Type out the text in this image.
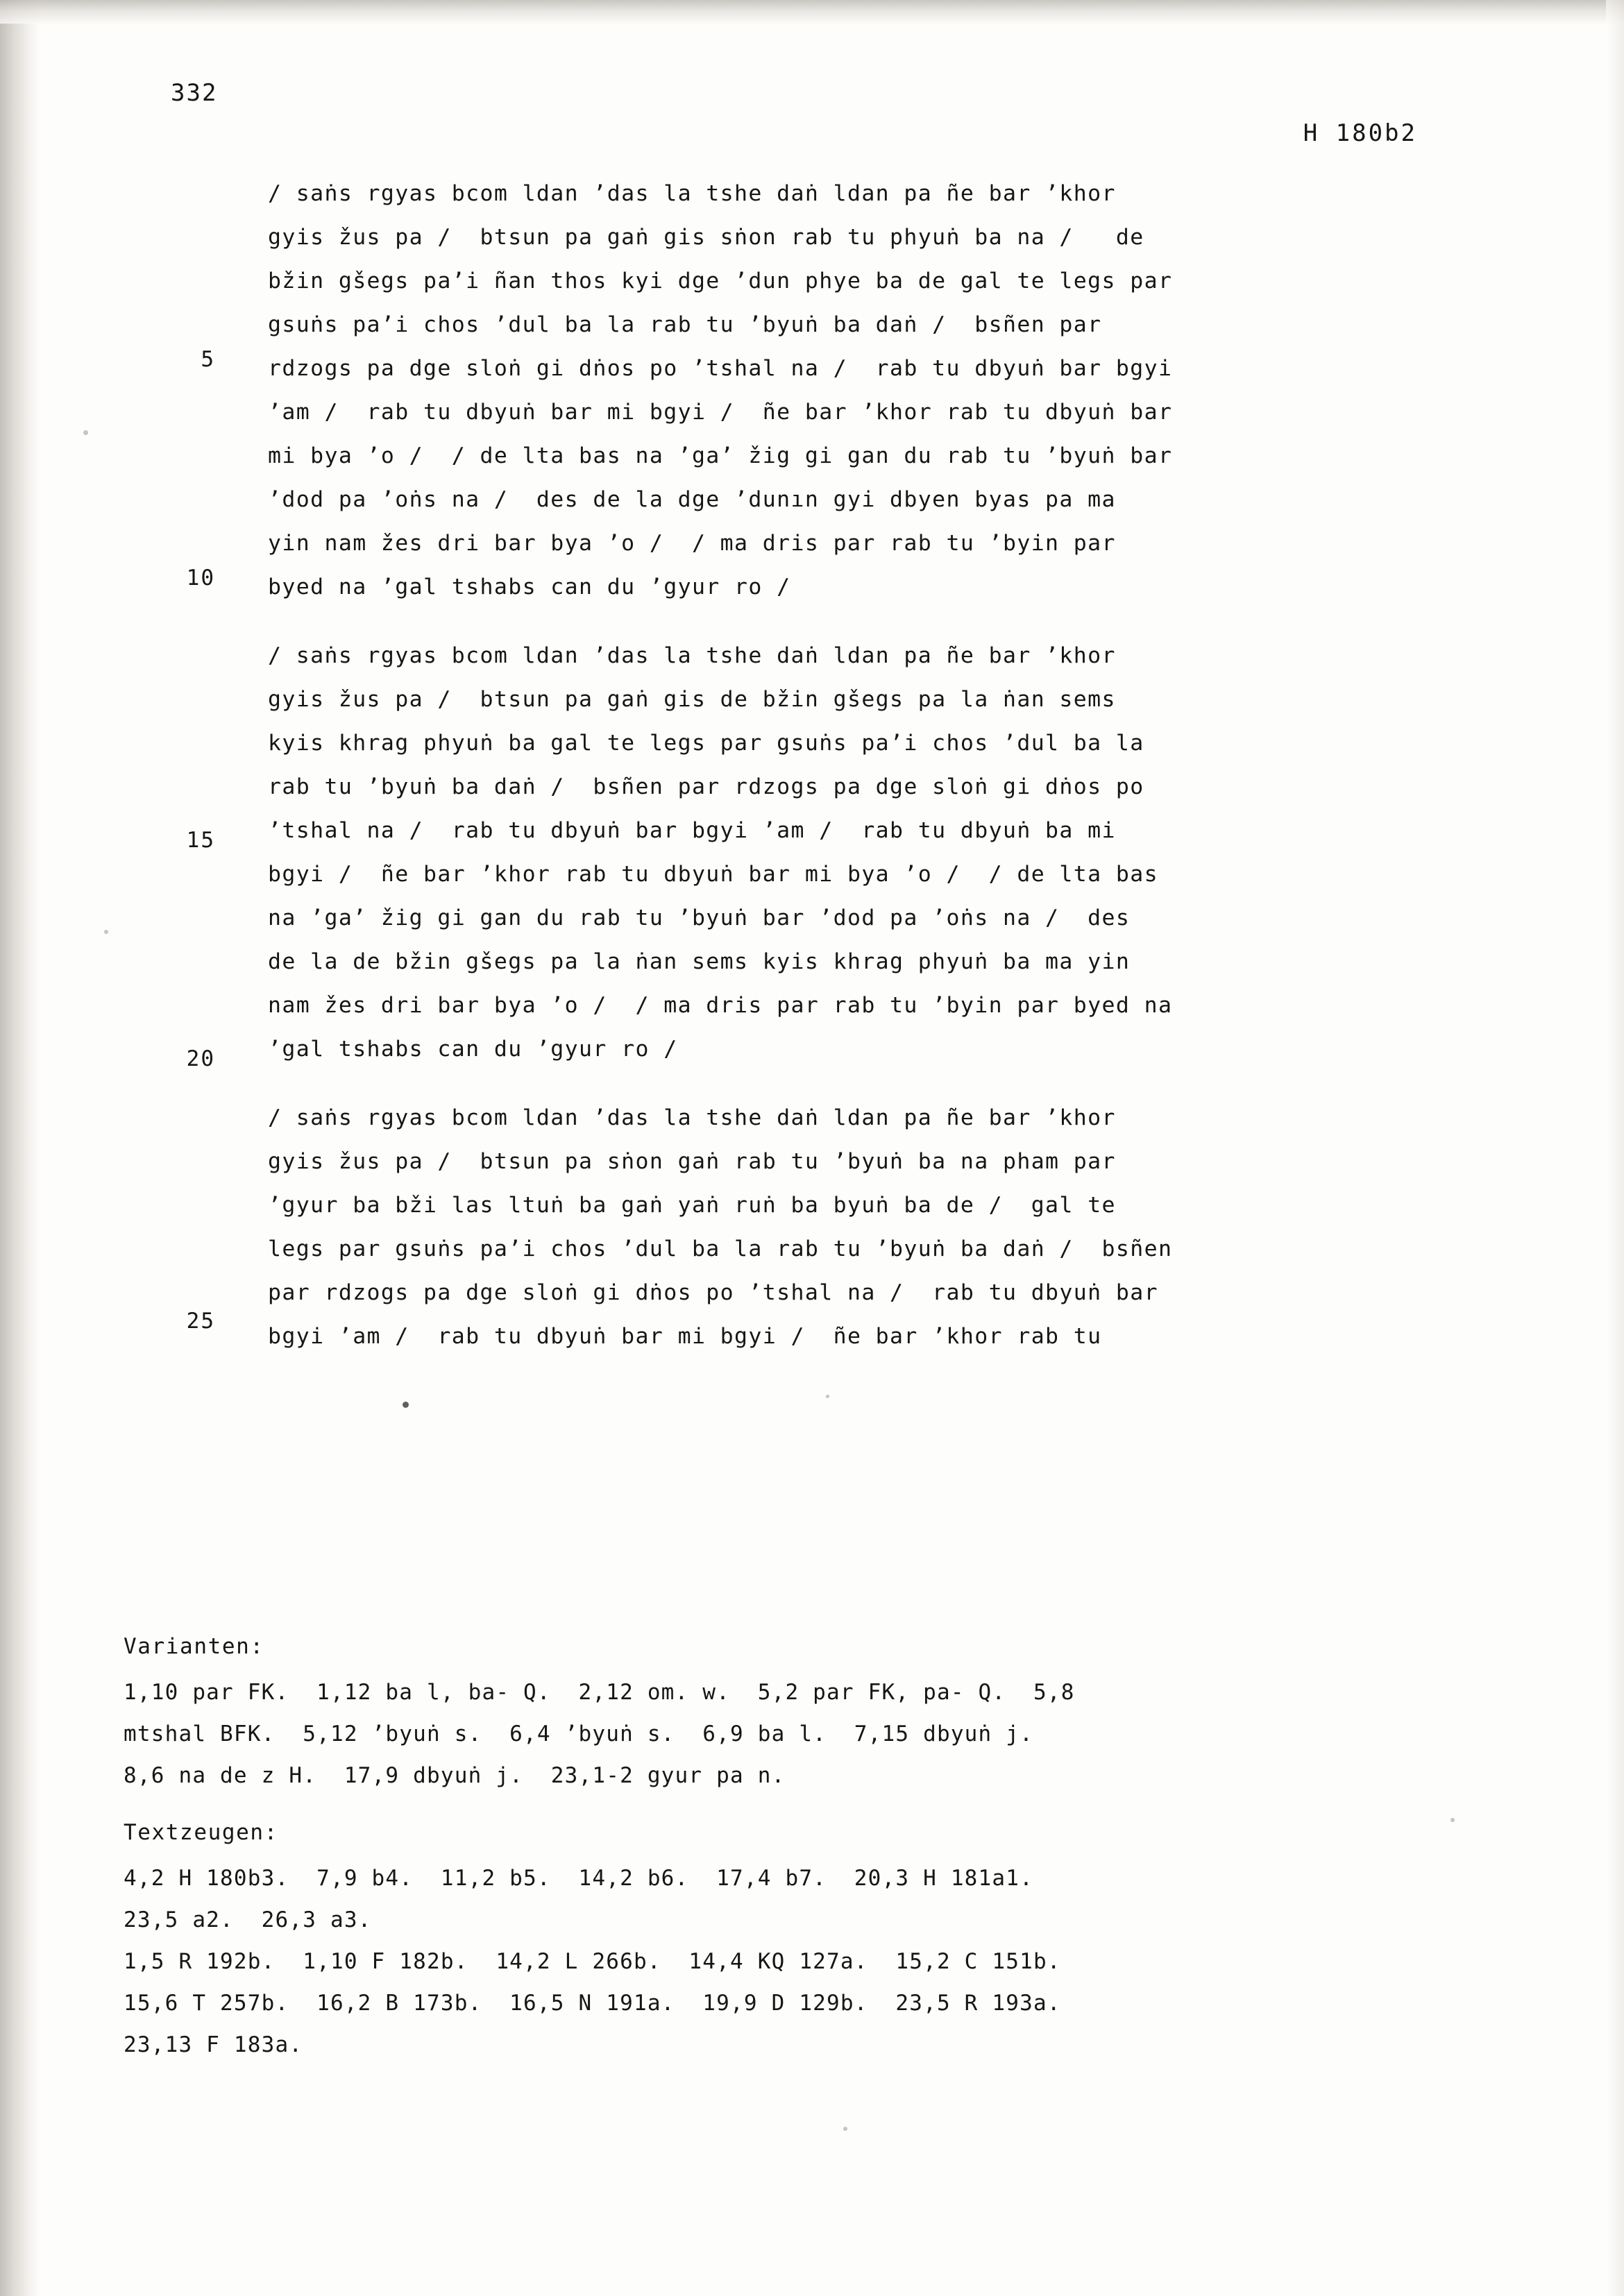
332
H 180b2
5
10
15
20
25
/ saṅs rgyas bcom ldan ’das la tshe daṅ ldan pa ñe bar ’khor
gyis žus pa /  btsun pa gaṅ gis sṅon rab tu phyuṅ ba na /   de
bžin gšegs pa’i ñan thos kyi dge ’dun phye ba de gal te legs par
gsuṅs pa’i chos ’dul ba la rab tu ’byuṅ ba daṅ /  bsñen par
rdzogs pa dge sloṅ gi dṅos po ’tshal na /  rab tu dbyuṅ bar bgyi
’am /  rab tu dbyuṅ bar mi bgyi /  ñe bar ’khor rab tu dbyuṅ bar
mi bya ’o /  / de lta bas na ’ga’ žig gi gan du rab tu ’byuṅ bar
’dod pa ’oṅs na /  des de la dge ’dunın gyi dbyen byas pa ma
yin nam žes dri bar bya ’o /  / ma dris par rab tu ’byin par
byed na ’gal tshabs can du ’gyur ro /
/ saṅs rgyas bcom ldan ’das la tshe daṅ ldan pa ñe bar ’khor
gyis žus pa /  btsun pa gaṅ gis de bžin gšegs pa la ṅan sems
kyis khrag phyuṅ ba gal te legs par gsuṅs pa’i chos ’dul ba la
rab tu ’byuṅ ba daṅ /  bsñen par rdzogs pa dge sloṅ gi dṅos po
’tshal na /  rab tu dbyuṅ bar bgyi ’am /  rab tu dbyuṅ ba mi
bgyi /  ñe bar ’khor rab tu dbyuṅ bar mi bya ’o /  / de lta bas
na ’ga’ žig gi gan du rab tu ’byuṅ bar ’dod pa ’oṅs na /  des
de la de bžin gšegs pa la ṅan sems kyis khrag phyuṅ ba ma yin
nam žes dri bar bya ’o /  / ma dris par rab tu ’byin par byed na
’gal tshabs can du ’gyur ro /
/ saṅs rgyas bcom ldan ’das la tshe daṅ ldan pa ñe bar ’khor
gyis žus pa /  btsun pa sṅon gaṅ rab tu ’byuṅ ba na pham par
’gyur ba bži las ltuṅ ba gaṅ yaṅ ruṅ ba byuṅ ba de /  gal te
legs par gsuṅs pa’i chos ’dul ba la rab tu ’byuṅ ba daṅ /  bsñen
par rdzogs pa dge sloṅ gi dṅos po ’tshal na /  rab tu dbyuṅ bar
bgyi ’am /  rab tu dbyuṅ bar mi bgyi /  ñe bar ’khor rab tu
Varianten:
1,10 par FK.  1,12 ba l, ba- Q.  2,12 om. w.  5,2 par FK, pa- Q.  5,8
mtshal BFK.  5,12 ’byuṅ s.  6,4 ’byuṅ s.  6,9 ba l.  7,15 dbyuṅ j.
8,6 na de z H.  17,9 dbyuṅ j.  23,1-2 gyur pa n.
Textzeugen:
4,2 H 180b3.  7,9 b4.  11,2 b5.  14,2 b6.  17,4 b7.  20,3 H 181a1.
23,5 a2.  26,3 a3.
1,5 R 192b.  1,10 F 182b.  14,2 L 266b.  14,4 KQ 127a.  15,2 C 151b.
15,6 T 257b.  16,2 B 173b.  16,5 N 191a.  19,9 D 129b.  23,5 R 193a.
23,13 F 183a.
